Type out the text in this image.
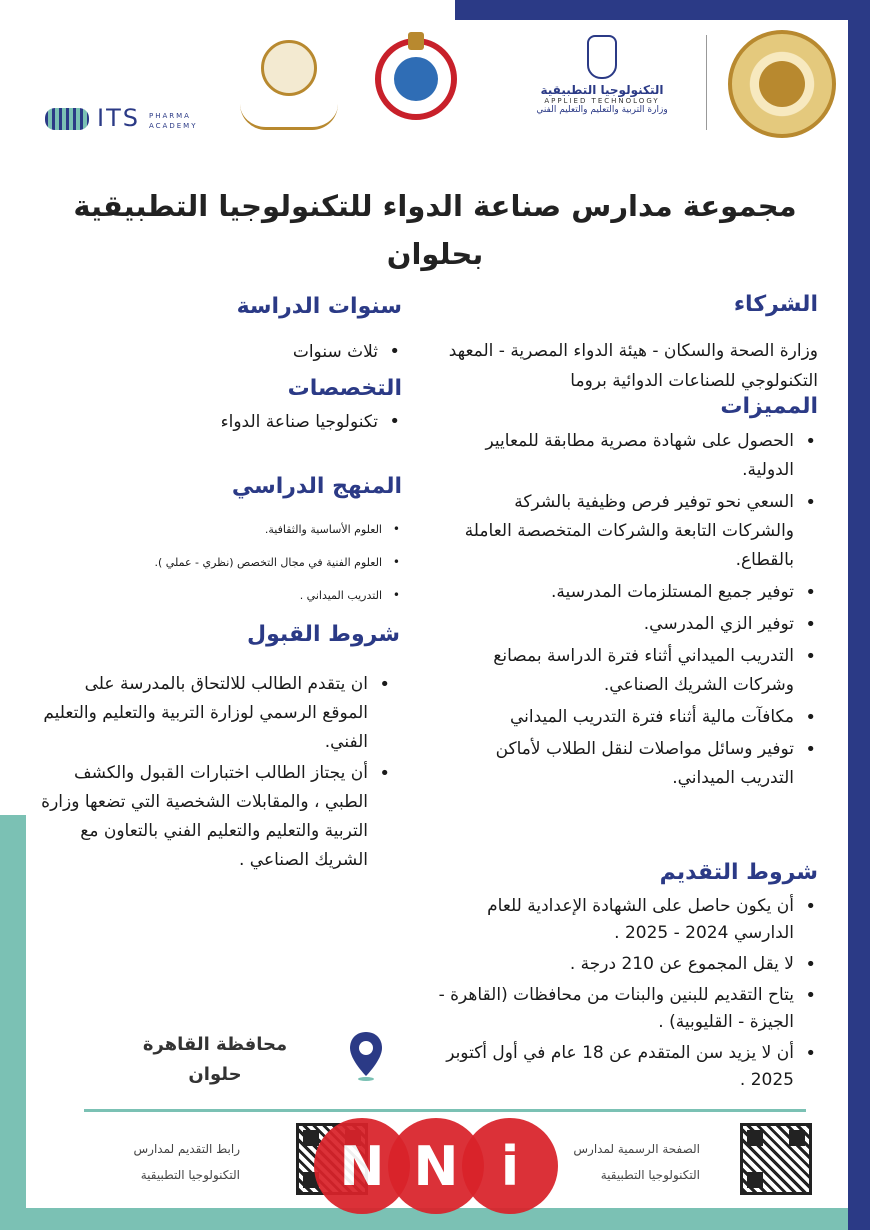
التكنولوجيا التطبيقية
APPLIED TECHNOLOGY
وزارة التربية والتعليم والتعليم الفني
ITS PHARMA ACADEMY
مجموعة مدارس صناعة الدواء للتكنولوجيا التطبيقية
بحلوان
الشركاء
وزارة الصحة والسكان - هيئة الدواء المصرية - المعهد التكنولوجي للصناعات الدوائية بروما
المميزات
• الحصول على شهادة مصرية مطابقة للمعايير الدولية.
• السعي نحو توفير فرص وظيفية بالشركة والشركات التابعة والشركات المتخصصة العاملة بالقطاع.
• توفير جميع المستلزمات المدرسية.
• توفير الزي المدرسي.
• التدريب الميداني أثناء فترة الدراسة بمصانع وشركات الشريك الصناعي.
• مكافآت مالية أثناء فترة التدريب الميداني
• توفير وسائل مواصلات لنقل الطلاب لأماكن التدريب الميداني.
شروط التقديم
• أن يكون حاصل على الشهادة الإعدادية للعام الدارسي 2024 - 2025 .
• لا يقل المجموع عن 210 درجة .
• يتاح التقديم للبنين والبنات من محافظات (القاهرة - الجيزة - القليوبية) .
• أن لا يزيد سن المتقدم عن 18 عام في أول أكتوبر 2025 .
سنوات الدراسة
• ثلاث سنوات
التخصصات
• تكنولوجيا صناعة الدواء
المنهج الدراسي
• العلوم الأساسية والثقافية.
• العلوم الفنية في مجال التخصص (نظري - عملي ).
• التدريب الميداني .
شروط القبول
• ان يتقدم الطالب للالتحاق بالمدرسة على الموقع الرسمي لوزارة التربية والتعليم والتعليم الفني.
• أن يجتاز الطالب اختبارات القبول والكشف الطبي ، والمقابلات الشخصية التي تضعها وزارة التربية والتعليم والتعليم الفني بالتعاون مع الشريك الصناعي .
محافظة القاهرة
حلوان
رابط التقديم لمدارس
التكنولوجيا التطبيقية
الصفحة الرسمية لمدارس
التكنولوجيا التطبيقية
N N i
